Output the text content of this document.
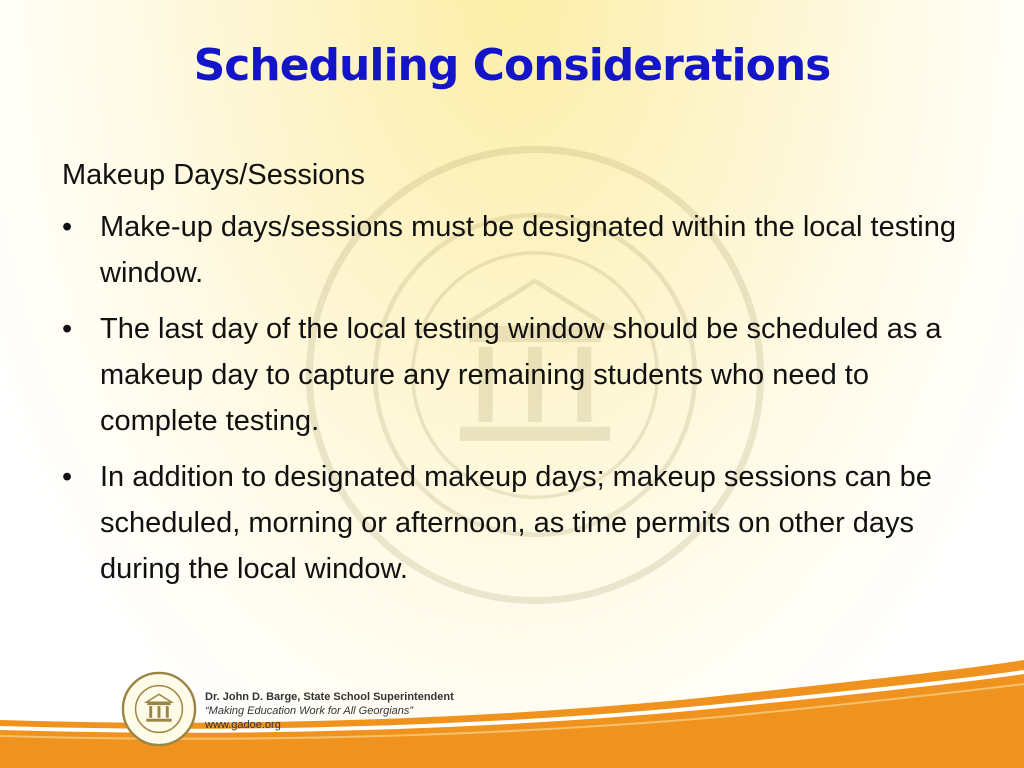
Scheduling Considerations
Makeup Days/Sessions
• Make-up days/sessions must be designated within the local testing window.
• The last day of the local testing window should be scheduled as a makeup day to capture any remaining students who need to complete testing.
• In addition to designated makeup days; makeup sessions can be scheduled, morning or afternoon, as time permits on other days during the local window.
Dr. John D. Barge, State School Superintendent
“Making Education Work for All Georgians”
www.gadoe.org
